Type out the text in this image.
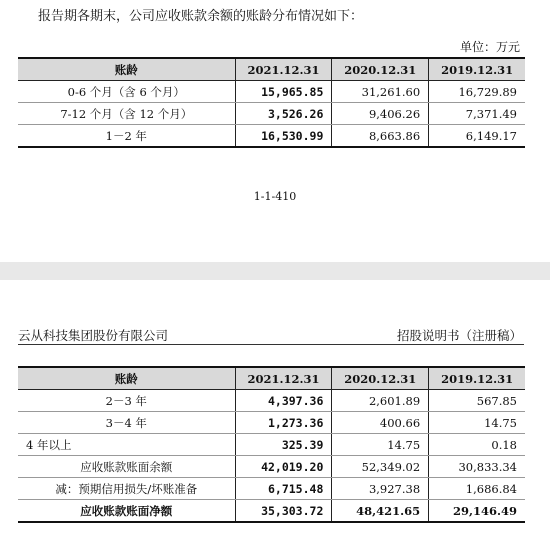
报告期各期末，公司应收账款余额的账龄分布情况如下：
单位：万元
账龄	2021.12.31	2020.12.31	2019.12.31
0-6 个月（含 6 个月）	15,965.85	31,261.60	16,729.89
7-12 个月（含 12 个月）	3,526.26	9,406.26	7,371.49
1－2 年	16,530.99	8,663.86	6,149.17
1-1-410
云从科技集团股份有限公司	招股说明书（注册稿）
账龄	2021.12.31	2020.12.31	2019.12.31
2－3 年	4,397.36	2,601.89	567.85
3－4 年	1,273.36	400.66	14.75
4 年以上	325.39	14.75	0.18
应收账款账面余额	42,019.20	52,349.02	30,833.34
减：预期信用损失/坏账准备	6,715.48	3,927.38	1,686.84
应收账款账面净额	35,303.72	48,421.65	29,146.49
